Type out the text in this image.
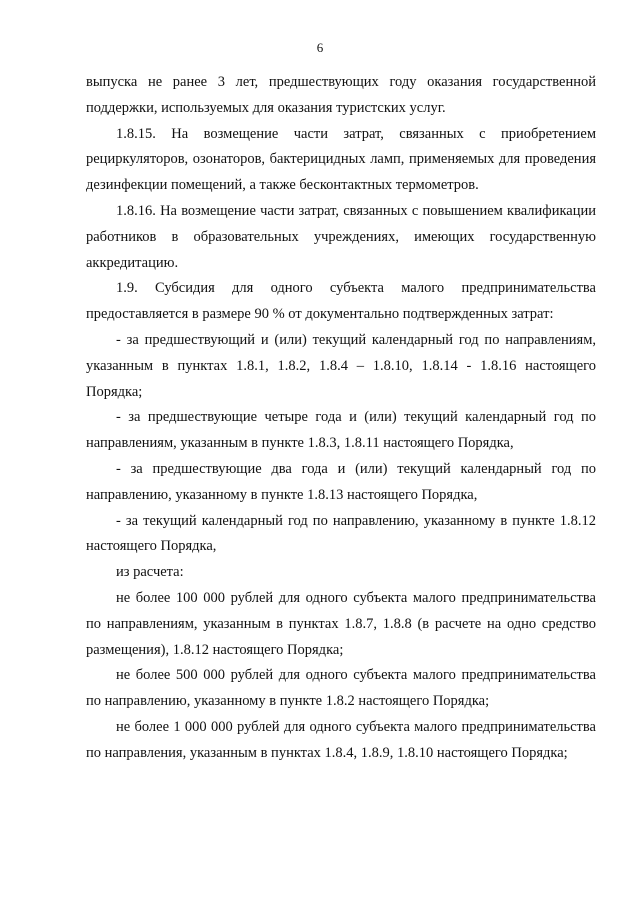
6

выпуска не ранее 3 лет, предшествующих году оказания государственной поддержки, используемых для оказания туристских услуг.

1.8.15. На возмещение части затрат, связанных с приобретением рециркуляторов, озонаторов, бактерицидных ламп, применяемых для проведения дезинфекции помещений, а также бесконтактных термометров.

1.8.16. На возмещение части затрат, связанных с повышением квалификации работников в образовательных учреждениях, имеющих государственную аккредитацию.

1.9. Субсидия для одного субъекта малого предпринимательства предоставляется в размере 90 % от документально подтвержденных затрат:

- за предшествующий и (или) текущий календарный год по направлениям, указанным в пунктах 1.8.1, 1.8.2, 1.8.4 – 1.8.10, 1.8.14 - 1.8.16 настоящего Порядка;

- за предшествующие четыре года и (или) текущий календарный год по направлениям, указанным в пункте 1.8.3, 1.8.11 настоящего Порядка,

- за предшествующие два года и (или) текущий календарный год по направлению, указанному в пункте 1.8.13 настоящего Порядка,

- за текущий календарный год по направлению, указанному в пункте 1.8.12 настоящего Порядка,

из расчета:

не более 100 000 рублей для одного субъекта малого предпринимательства по направлениям, указанным в пунктах 1.8.7, 1.8.8 (в расчете на одно средство размещения), 1.8.12 настоящего Порядка;

не более 500 000 рублей для одного субъекта малого предпринимательства по направлению, указанному в пункте 1.8.2 настоящего Порядка;

не более 1 000 000 рублей для одного субъекта малого предпринимательства по направления, указанным в пунктах 1.8.4, 1.8.9, 1.8.10 настоящего Порядка;
